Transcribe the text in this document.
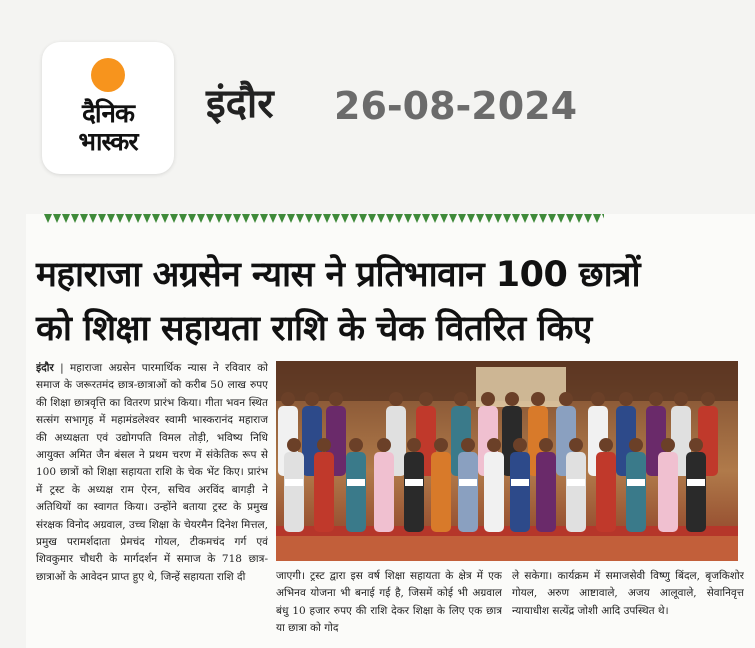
दैनिक
भास्कर
इंदौर 26-08-2024
महाराजा अग्रसेन न्यास ने प्रतिभावान 100 छात्रों
को शिक्षा सहायता राशि के चेक वितरित किए
इंदौर | महाराजा अग्रसेन पारमार्थिक न्यास ने रविवार को समाज के जरूरतमंद छात्र-छात्राओं को करीब 50 लाख रुपए की शिक्षा छात्रवृत्ति का वितरण प्रारंभ किया। गीता भवन स्थित सत्संग सभागृह में महामंडलेश्वर स्वामी भास्करानंद महाराज की अध्यक्षता एवं उद्योगपति विमल तोड़ी, भविष्य निधि आयुक्त अमित जैन बंसल ने प्रथम चरण में संकेतिक रूप से 100 छात्रों को शिक्षा सहायता राशि के चेक भेंट किए। प्रारंभ में ट्रस्ट के अध्यक्ष राम ऐरन, सचिव अरविंद बागड़ी ने अतिथियों का स्वागत किया। उन्होंने बताया ट्रस्ट के प्रमुख संरक्षक विनोद अग्रवाल, उच्च शिक्षा के चेयरमैन दिनेश मित्तल, प्रमुख परामर्शदाता प्रेमचंद गोयल, टीकमचंद गर्ग एवं शिवकुमार चौधरी के मार्गदर्शन में समाज के 718 छात्र-छात्राओं के आवेदन प्राप्त हुए थे, जिन्हें सहायता राशि दी	जाएगी। ट्रस्ट द्वारा इस वर्ष शिक्षा सहायता के क्षेत्र में एक अभिनव योजना भी बनाई गई है, जिसमें कोई भी अग्रवाल बंधु 10 हजार रुपए की राशि देकर शिक्षा के लिए एक छात्र या छात्रा को गोद
ले सकेगा। कार्यक्रम में समाजसेवी विष्णु बिंदल, बृजकिशोर गोयल, अरुण आष्टावाले, अजय आलूवाले, सेवानिवृत्त न्यायाधीश सत्येंद्र जोशी आदि उपस्थित थे।
